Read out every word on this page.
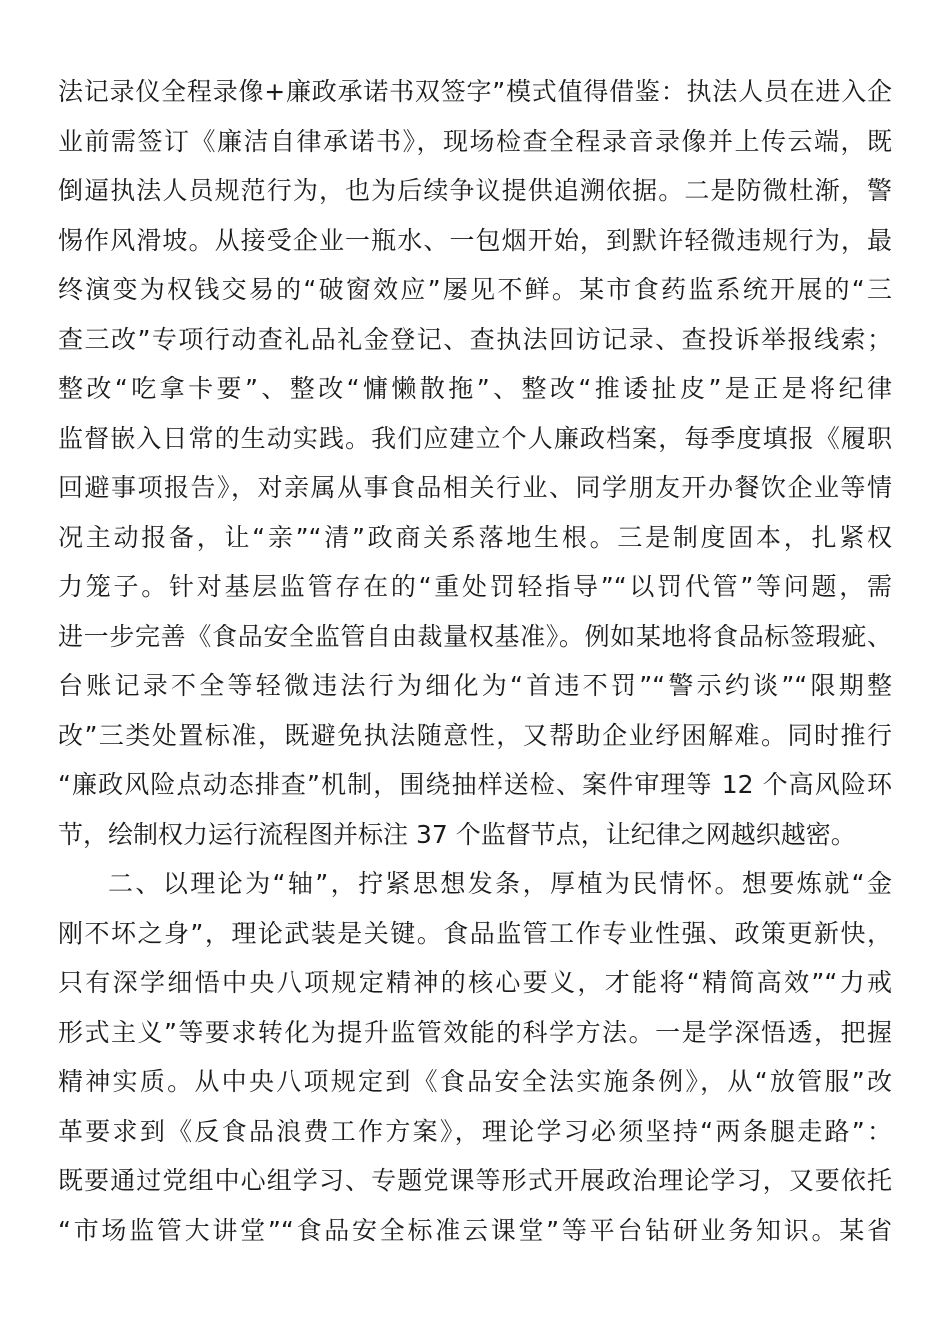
法记录仪全程录像+廉政承诺书双签字”模式值得借鉴：执法人员在进入企
业前需签订《廉洁自律承诺书》，现场检查全程录音录像并上传云端，既
倒逼执法人员规范行为，也为后续争议提供追溯依据。二是防微杜渐，警
惕作风滑坡。从接受企业一瓶水、一包烟开始，到默许轻微违规行为，最
终演变为权钱交易的“破窗效应”屡见不鲜。某市食药监系统开展的“三
查三改”专项行动查礼品礼金登记、查执法回访记录、查投诉举报线索；
整改“吃拿卡要”、整改“慵懒散拖”、整改“推诿扯皮”是正是将纪律
监督嵌入日常的生动实践。我们应建立个人廉政档案，每季度填报《履职
回避事项报告》，对亲属从事食品相关行业、同学朋友开办餐饮企业等情
况主动报备，让“亲”“清”政商关系落地生根。三是制度固本，扎紧权
力笼子。针对基层监管存在的“重处罚轻指导”“以罚代管”等问题，需
进一步完善《食品安全监管自由裁量权基准》。例如某地将食品标签瑕疵、
台账记录不全等轻微违法行为细化为“首违不罚”“警示约谈”“限期整
改”三类处置标准，既避免执法随意性，又帮助企业纾困解难。同时推行
“廉政风险点动态排查”机制，围绕抽样送检、案件审理等 12 个高风险环
节，绘制权力运行流程图并标注 37 个监督节点，让纪律之网越织越密。
二、以理论为“轴”，拧紧思想发条，厚植为民情怀。想要炼就“金
刚不坏之身”，理论武装是关键。食品监管工作专业性强、政策更新快，
只有深学细悟中央八项规定精神的核心要义，才能将“精简高效”“力戒
形式主义”等要求转化为提升监管效能的科学方法。一是学深悟透，把握
精神实质。从中央八项规定到《食品安全法实施条例》，从“放管服”改
革要求到《反食品浪费工作方案》，理论学习必须坚持“两条腿走路”：
既要通过党组中心组学习、专题党课等形式开展政治理论学习，又要依托
“市场监管大讲堂”“食品安全标准云课堂”等平台钻研业务知识。某省
